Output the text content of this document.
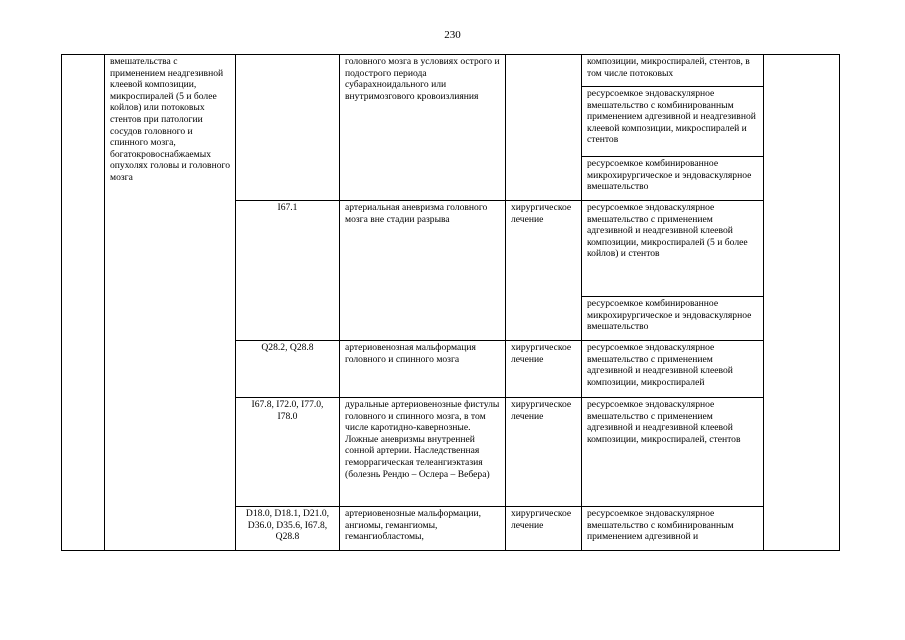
230
	вмешательства с применением неадгезивной клеевой композиции, микроспиралей (5 и более койлов) или потоковых стентов при патологии сосудов головного и спинного мозга, богатокровоснабжаемых опухолях головы и головного мозга		головного мозга в условиях острого и подострого периода субарахноидального или внутримозгового кровоизлияния		композиции, микроспиралей, стентов, в том числе потоковых	
					ресурсоемкое эндоваскулярное вмешательство с комбинированным применением адгезивной и неадгезивной клеевой композиции, микроспиралей и стентов	
					ресурсоемкое комбинированное микрохирургическое и эндоваскулярное вмешательство	
		I67.1	артериальная аневризма головного мозга вне стадии разрыва	хирургическое лечение	ресурсоемкое эндоваскулярное вмешательство с применением адгезивной и неадгезивной клеевой композиции, микроспиралей (5 и более койлов) и стентов	
					ресурсоемкое комбинированное микрохирургическое и эндоваскулярное вмешательство	
		Q28.2, Q28.8	артериовенозная мальформация головного и спинного мозга	хирургическое лечение	ресурсоемкое эндоваскулярное вмешательство с применением адгезивной и неадгезивной клеевой композиции, микроспиралей	
		I67.8, I72.0, I77.0, I78.0	дуральные артериовенозные фистулы головного и спинного мозга, в том числе каротидно-кавернозные. Ложные аневризмы внутренней сонной артерии. Наследственная геморрагическая телеангиэктазия (болезнь Рендю – Ослера – Вебера)	хирургическое лечение	ресурсоемкое эндоваскулярное вмешательство с применением адгезивной и неадгезивной клеевой композиции, микроспиралей, стентов	
		D18.0, D18.1, D21.0, D36.0, D35.6, I67.8, Q28.8	артериовенозные мальформации, ангиомы, гемангиомы, гемангиобластомы,	хирургическое лечение	ресурсоемкое эндоваскулярное вмешательство с комбинированным применением адгезивной и	
